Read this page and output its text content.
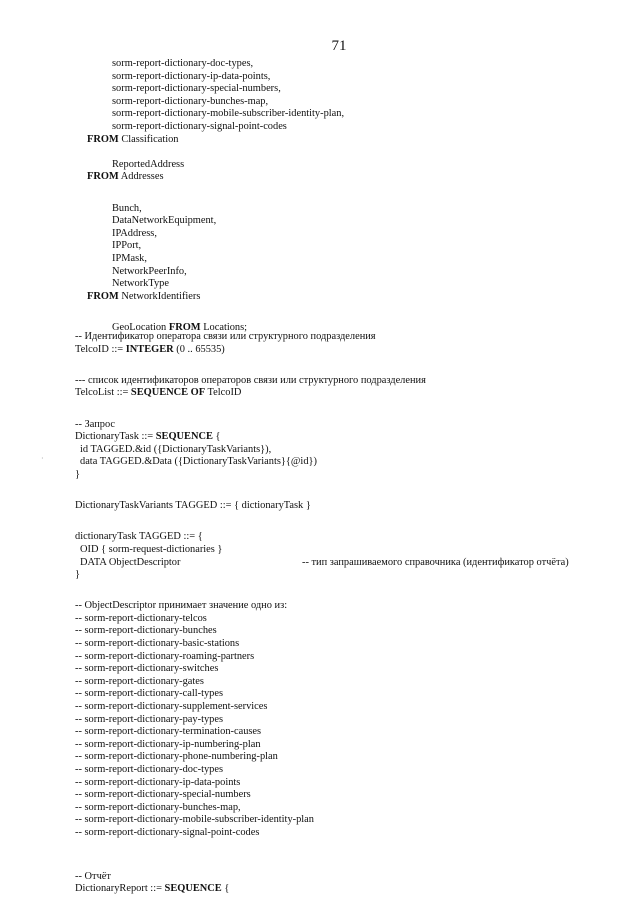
71
sorm-report-dictionary-doc-types,
sorm-report-dictionary-ip-data-points,
sorm-report-dictionary-special-numbers,
sorm-report-dictionary-bunches-map,
sorm-report-dictionary-mobile-subscriber-identity-plan,
sorm-report-dictionary-signal-point-codes
FROM Classification
ReportedAddress
FROM Addresses
Bunch,
DataNetworkEquipment,
IPAddress,
IPPort,
IPMask,
NetworkPeerInfo,
NetworkType
FROM NetworkIdentifiers
GeoLocation FROM Locations;
-- Идентификатор оператора связи или структурного подразделения
TelcoID ::= INTEGER (0 .. 65535)
--- список идентификаторов операторов связи или структурного подразделения
TelcoList ::= SEQUENCE OF TelcoID
-- Запрос
DictionaryTask ::= SEQUENCE {
id TAGGED.&id ({DictionaryTaskVariants}),
data TAGGED.&Data ({DictionaryTaskVariants}{@id})
}
DictionaryTaskVariants TAGGED ::= { dictionaryTask }
dictionaryTask TAGGED ::= {
OID { sorm-request-dictionaries }
DATA ObjectDescriptor	-- тип запрашиваемого справочника (идентификатор отчёта)
}
-- ObjectDescriptor принимает значение одно из:
-- sorm-report-dictionary-telcos
-- sorm-report-dictionary-bunches
-- sorm-report-dictionary-basic-stations
-- sorm-report-dictionary-roaming-partners
-- sorm-report-dictionary-switches
-- sorm-report-dictionary-gates
-- sorm-report-dictionary-call-types
-- sorm-report-dictionary-supplement-services
-- sorm-report-dictionary-pay-types
-- sorm-report-dictionary-termination-causes
-- sorm-report-dictionary-ip-numbering-plan
-- sorm-report-dictionary-phone-numbering-plan
-- sorm-report-dictionary-doc-types
-- sorm-report-dictionary-ip-data-points
-- sorm-report-dictionary-special-numbers
-- sorm-report-dictionary-bunches-map,
-- sorm-report-dictionary-mobile-subscriber-identity-plan
-- sorm-report-dictionary-signal-point-codes
-- Отчёт
DictionaryReport ::= SEQUENCE {
·
